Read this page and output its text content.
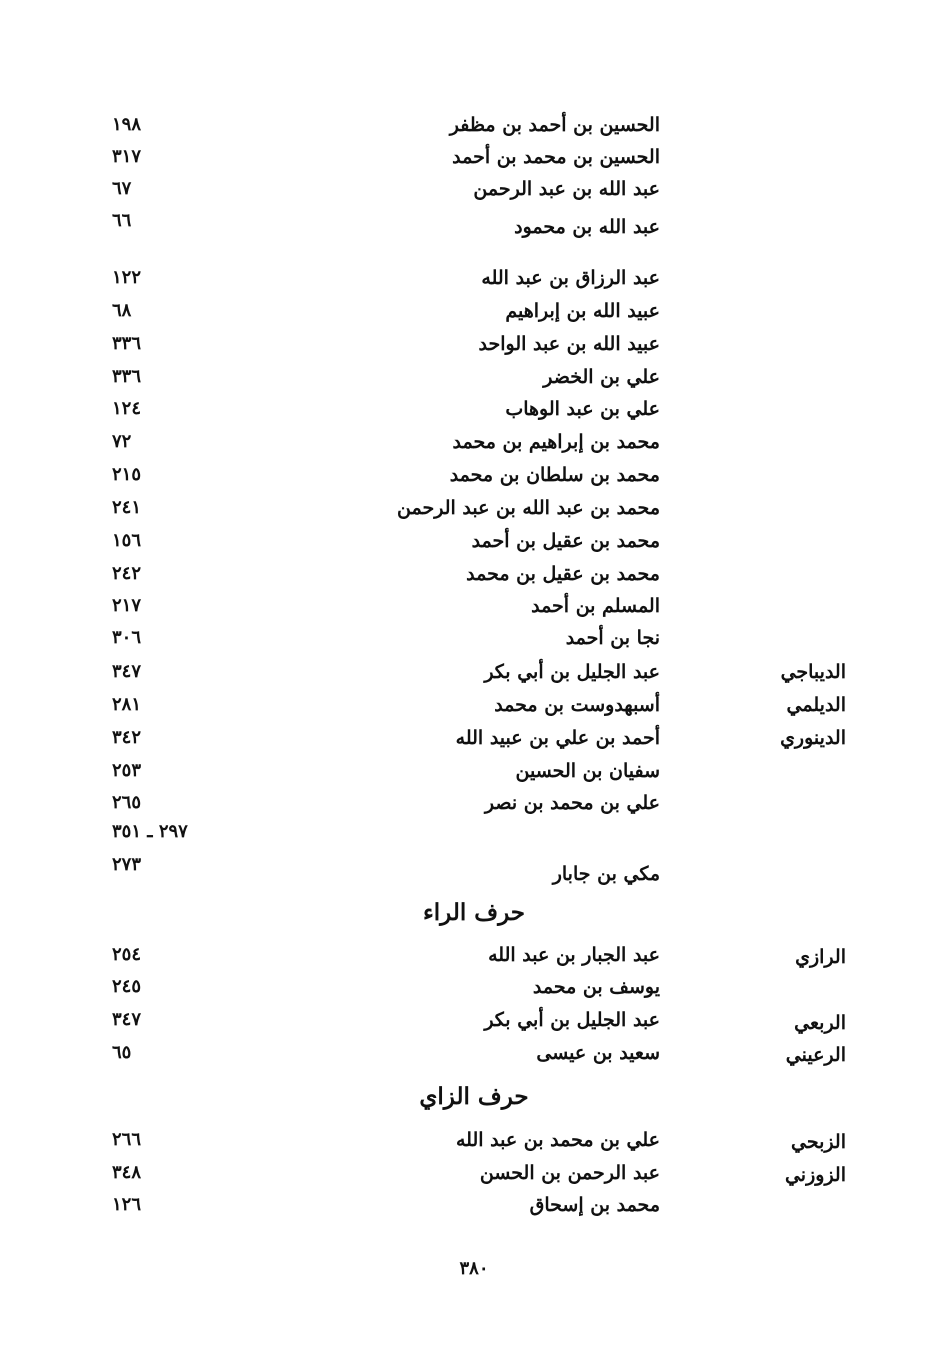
الحسين بن أحمد بن مظفر
١٩٨
الحسين بن محمد بن أحمد
٣١٧
عبد الله بن عبد الرحمن
٦٧
عبد الله بن محمود
٦٦
عبد الرزاق بن عبد الله
١٢٢
عبيد الله بن إبراهيم
٦٨
عبيد الله بن عبد الواحد
٣٣٦
علي بن الخضر
٣٣٦
علي بن عبد الوهاب
١٢٤
محمد بن إبراهيم بن محمد
٧٢
محمد بن سلطان بن محمد
٢١٥
محمد بن عبد الله بن عبد الرحمن
٢٤١
محمد بن عقيل بن أحمد
١٥٦
محمد بن عقيل بن محمد
٢٤٢
المسلم بن أحمد
٢١٧
نجا بن أحمد
٣٠٦
الديباجي
عبد الجليل بن أبي بكر
٣٤٧
الديلمي
أسبهدوست بن محمد
٢٨١
الدينوري
أحمد بن علي بن عبيد الله
٣٤٢
سفيان بن الحسين
٢٥٣
علي بن محمد بن نصر
٢٦٥
٢٩٧ ـ ٣٥١
مكي بن جابار
٢٧٣
حرف الراء
الرازي
عبد الجبار بن عبد الله
٢٥٤
يوسف بن محمد
٢٤٥
الربعي
عبد الجليل بن أبي بكر
٣٤٧
الرعيني
سعيد بن عيسى
٦٥
حرف الزاي
الزبحي
علي بن محمد بن عبد الله
٢٦٦
الزوزني
عبد الرحمن بن الحسن
٣٤٨
محمد بن إسحاق
١٢٦
٣٨٠
